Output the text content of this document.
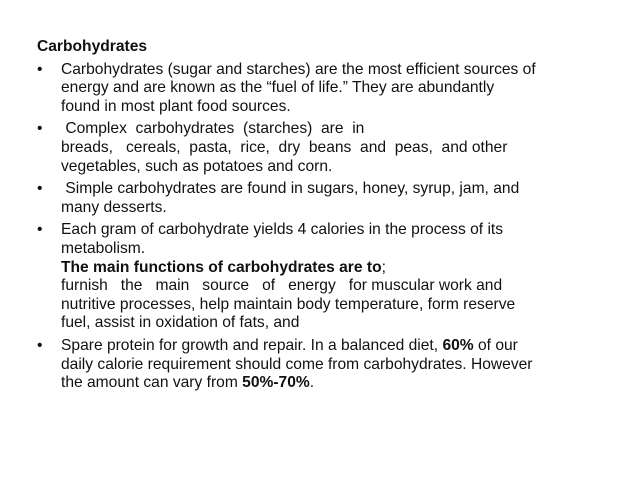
Carbohydrates
• Carbohydrates (sugar and starches) are the most efficient sources of
energy and are known as the “fuel of life.” They are abundantly
found in most plant food sources.
• Complex  carbohydrates  (starches)  are  in
breads,   cereals,  pasta,  rice,  dry  beans  and  peas,  and other
vegetables, such as potatoes and corn.
• Simple carbohydrates are found in sugars, honey, syrup, jam, and
many desserts.
• Each gram of carbohydrate yields 4 calories in the process of its
metabolism.
The main functions of carbohydrates are to;
furnish   the   main   source   of   energy   for muscular work and
nutritive processes, help maintain body temperature, form reserve
fuel, assist in oxidation of fats, and
• Spare protein for growth and repair. In a balanced diet, 60% of our
daily calorie requirement should come from carbohydrates. However
the amount can vary from 50%-70%.
